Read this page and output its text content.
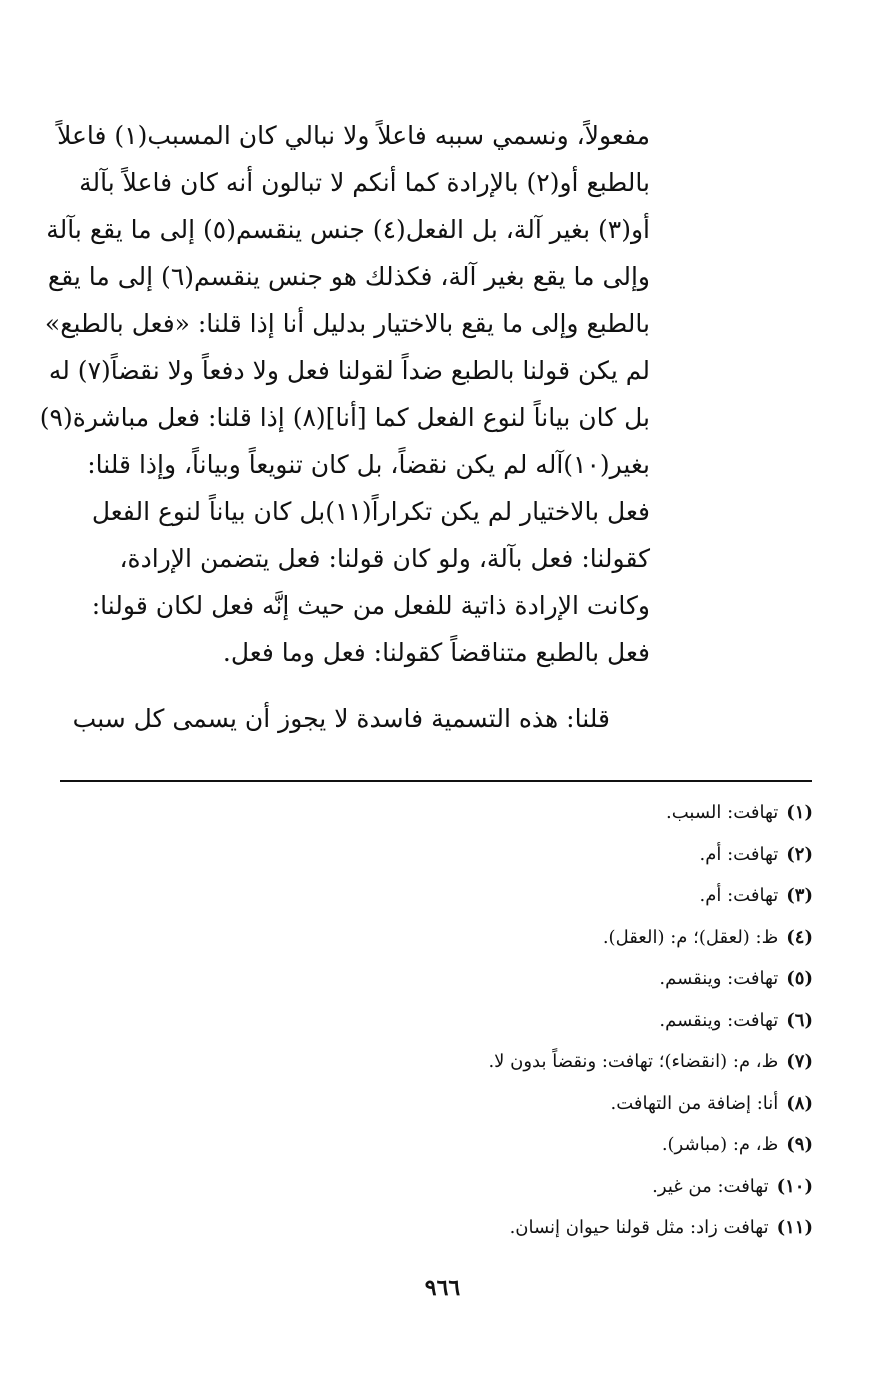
مفعولاً، ونسمي سببه فاعلاً ولا نبالي كان المسبب(١) فاعلاً
بالطبع أو(٢) بالإرادة كما أنكم لا تبالون أنه كان فاعلاً بآلة
أو(٣) بغير آلة، بل الفعل(٤) جنس ينقسم(٥) إلى ما يقع بآلة
وإلى ما يقع بغير آلة، فكذلك هو جنس ينقسم(٦) إلى ما يقع
بالطبع وإلى ما يقع بالاختيار بدليل أنا إذا قلنا: «فعل بالطبع»
لم يكن قولنا بالطبع ضداً لقولنا فعل ولا دفعاً ولا نقضاً(٧) له
بل كان بياناً لنوع الفعل كما [أنا](٨) إذا قلنا: فعل مباشرة(٩)
بغير(١٠)آله لم يكن نقضاً، بل كان تنويعاً وبياناً، وإذا قلنا:
فعل بالاختيار لم يكن تكراراً(١١)بل كان بياناً لنوع الفعل
كقولنا: فعل بآلة، ولو كان قولنا: فعل يتضمن الإرادة،
وكانت الإرادة ذاتية للفعل من حيث إنَّه فعل لكان قولنا:
فعل بالطبع متناقضاً كقولنا: فعل وما فعل.

قلنا: هذه التسمية فاسدة لا يجوز أن يسمى كل سبب

(١)تهافت: السبب.
(٢)تهافت: أم.
(٣)تهافت: أم.
(٤)ظ: (لعقل)؛ م: (العقل).
(٥)تهافت: وينقسم.
(٦)تهافت: وينقسم.
(٧)ظ، م: (انقضاء)؛ تهافت: ونقضاً بدون لا.
(٨)أنا: إضافة من التهافت.
(٩)ظ، م: (مباشر).
(١٠)تهافت: من غير.
(١١)تهافت زاد: مثل قولنا حيوان إنسان.
٩٦٦
